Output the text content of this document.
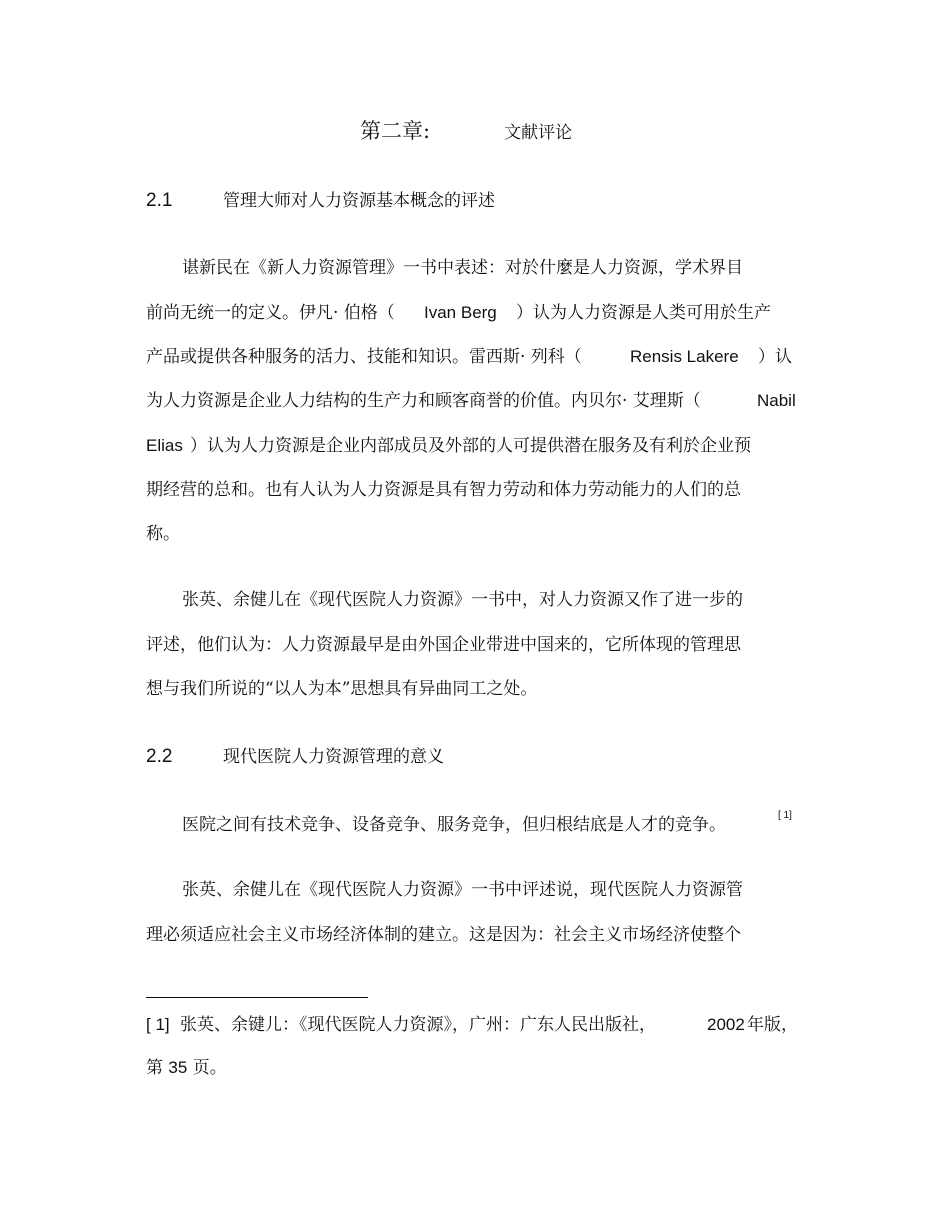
第二章:	文献评论
2.1	管理大师对人力资源基本概念的评述
谌新民在《新人力资源管理》一书中表述：对於什麼是人力资源，学术界目
前尚无统一的定义。伊凡· 伯格（ Ivan Berg ）认为人力资源是人类可用於生产
产品或提供各种服务的活力、技能和知识。雷西斯· 列科（	Rensis Lakere ）认
为人力资源是企业人力结构的生产力和顾客商誉的价值。内贝尔· 艾理斯（	Nabil
Elias ）认为人力资源是企业内部成员及外部的人可提供潜在服务及有利於企业预
期经营的总和。也有人认为人力资源是具有智力劳动和体力劳动能力的人们的总
称。
张英、余健儿在《现代医院人力资源》一书中，对人力资源又作了进一步的
评述，他们认为：人力资源最早是由外国企业带进中国来的，它所体现的管理思
想与我们所说的“以人为本”思想具有异曲同工之处。
2.2	现代医院人力资源管理的意义
医院之间有技术竞争、设备竞争、服务竞争，但归根结底是人才的竞争。	[ 1]
张英、余健儿在《现代医院人力资源》一书中评述说，现代医院人力资源管
理必须适应社会主义市场经济体制的建立。这是因为：社会主义市场经济使整个
[ 1] 张英、余键儿：《现代医院人力资源》，广州：广东人民出版社，	2002 年版，
第 35 页。
